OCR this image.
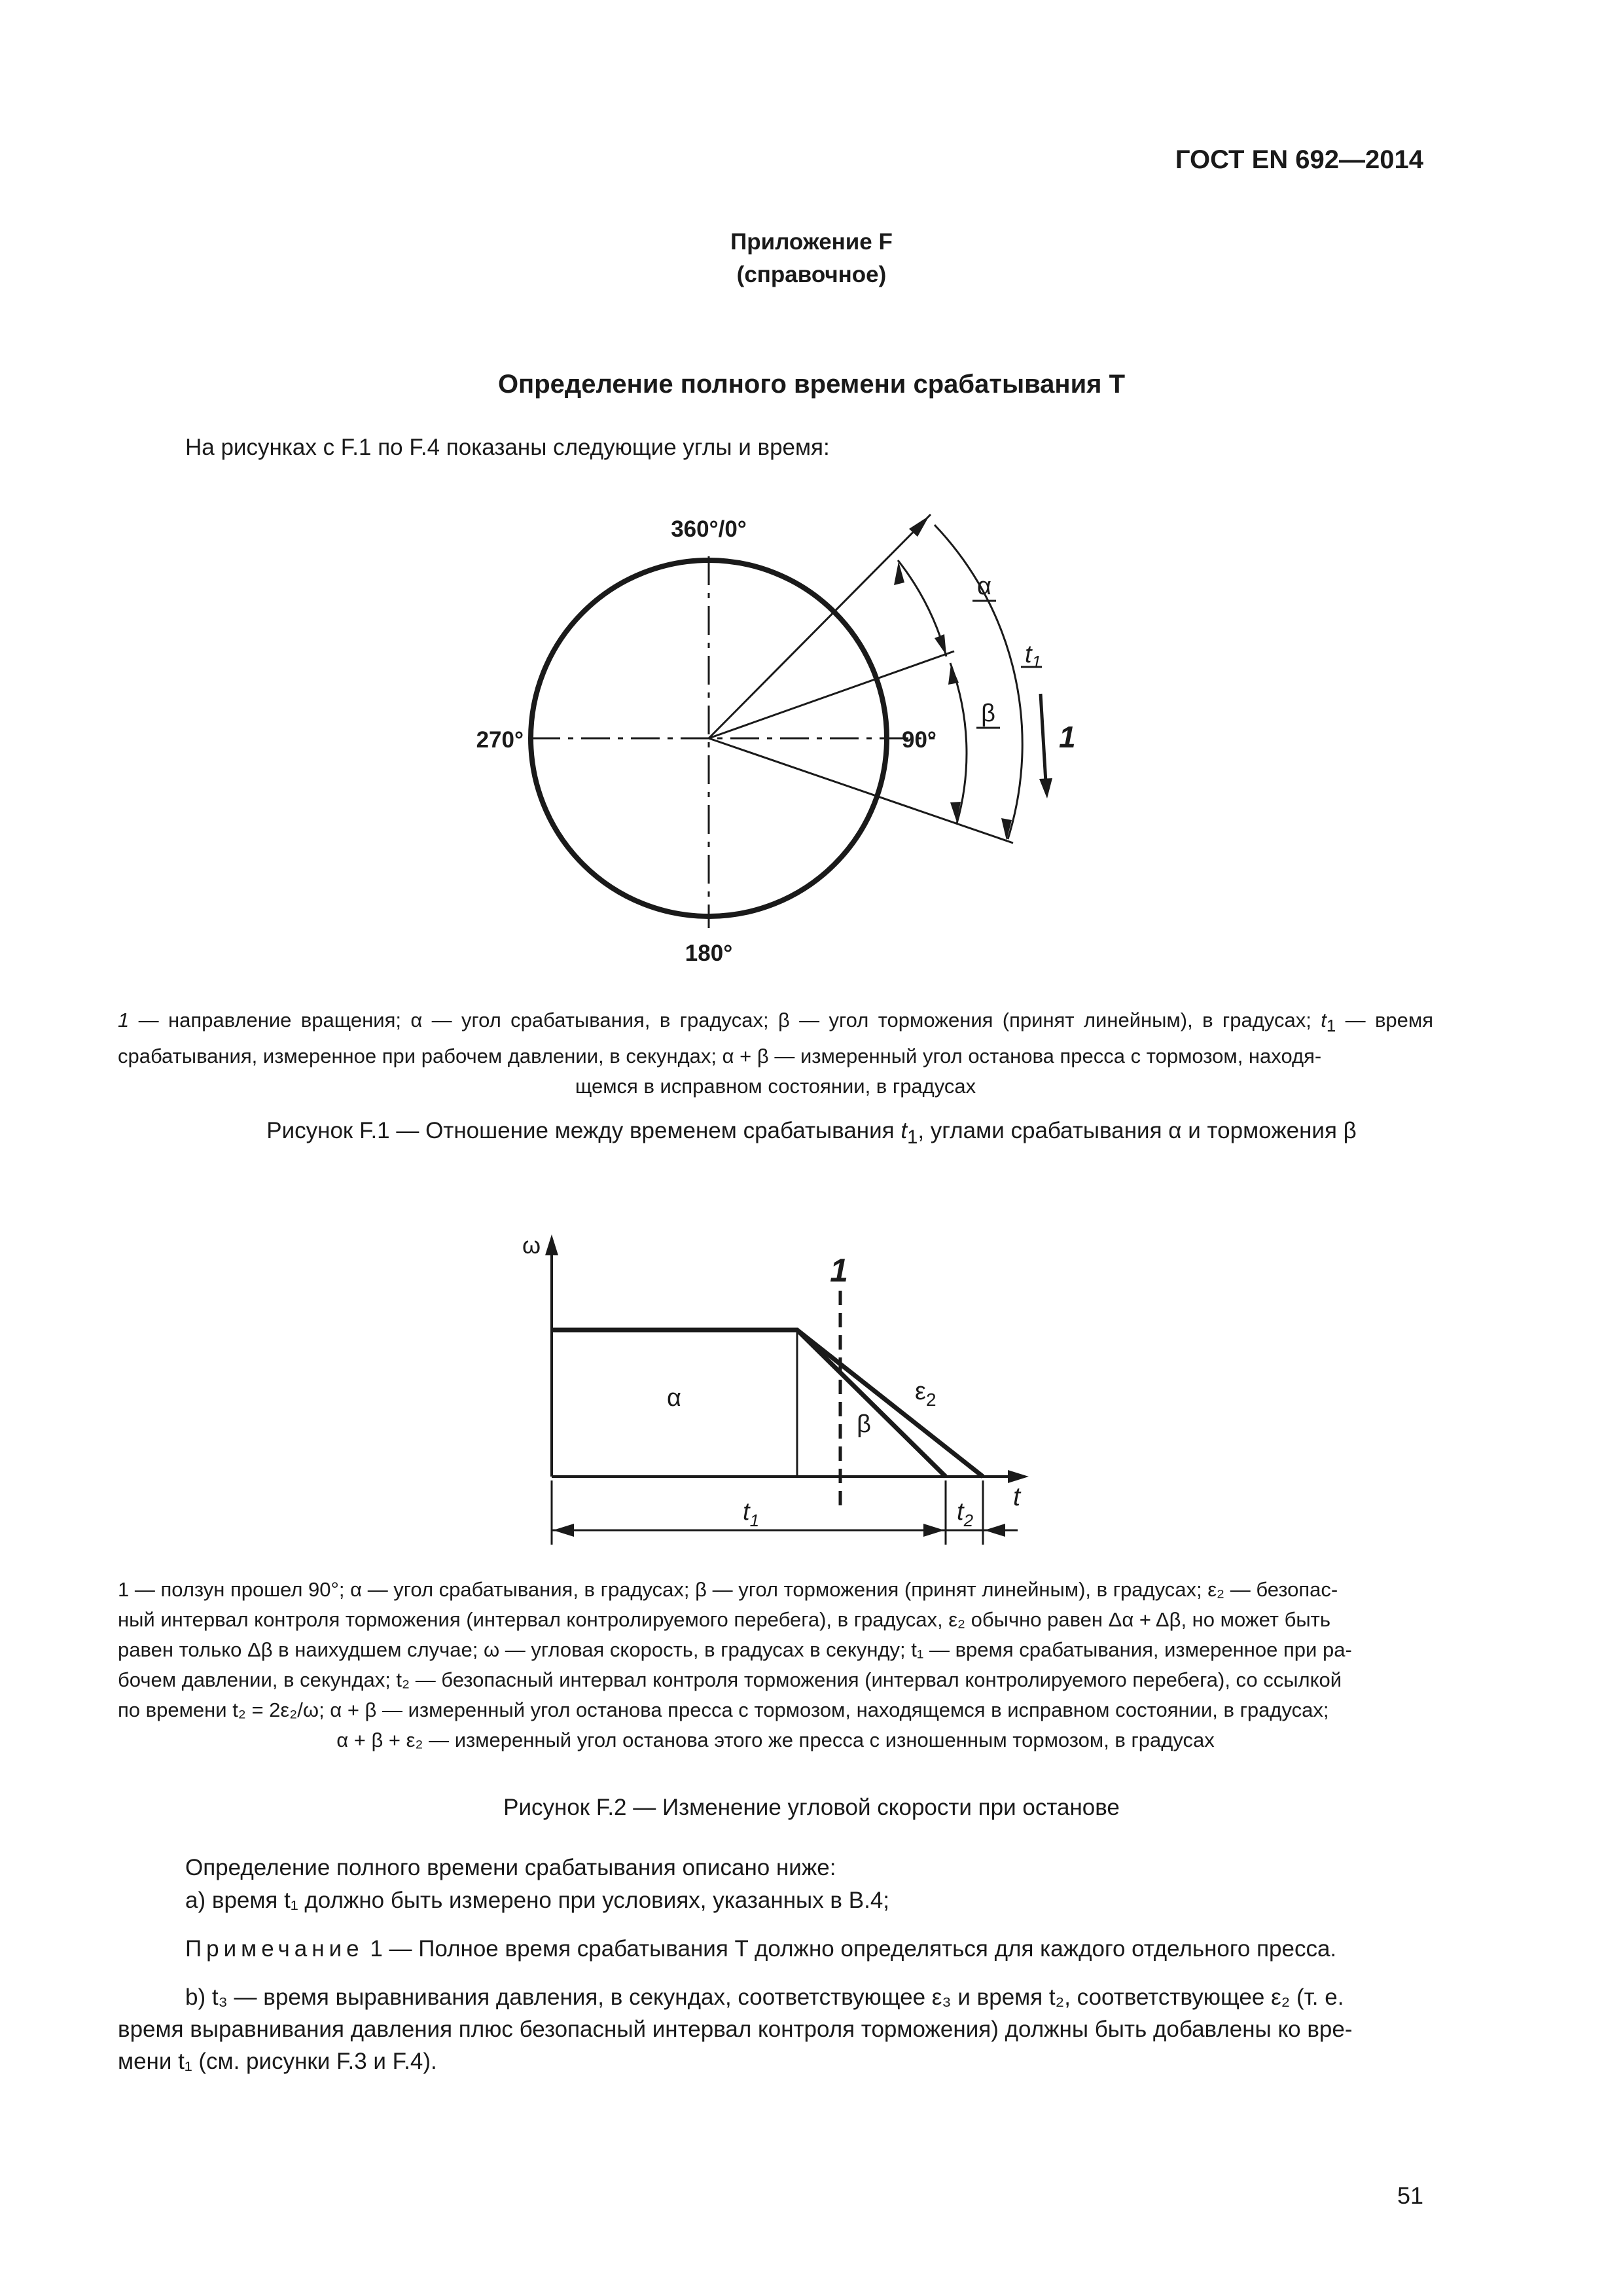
ГОСТ EN 692—2014
Приложение F
(справочное)
Определение полного времени срабатывания T
На рисунках с F.1 по F.4 показаны следующие углы и время:
360°/0°
270°	90°
180°
α
β
$t_1$
1
1 — направление вращения; α — угол срабатывания, в градусах; β — угол торможения (принят линейным), в градусах; $t_1$ — время срабатывания, измеренное при рабочем давлении, в секундах; α + β — измеренный угол останова пресса с тормозом, находя-
щемся в исправном состоянии, в градусах
Рисунок F.1 — Отношение между временем срабатывания $t_1$, углами срабатывания α и торможения β
ω
α
β
$\varepsilon_2$
1
t
$t_1$	$t_2$
1 — ползун прошел 90°; α — угол срабатывания, в градусах; β — угол торможения (принят линейным), в градусах; ε₂ — безопас-
ный интервал контроля торможения (интервал контролируемого перебега), в градусах, ε₂ обычно равен Δα + Δβ, но может быть
равен только Δβ в наихудшем случае; ω — угловая скорость, в градусах в секунду; t₁ — время срабатывания, измеренное при ра-
бочем давлении, в секундах; t₂ — безопасный интервал контроля торможения (интервал контролируемого перебега), со ссылкой
по времени t₂ = 2ε₂/ω; α + β — измеренный угол останова пресса с тормозом, находящемся в исправном состоянии, в градусах;
α + β + ε₂ — измеренный угол останова этого же пресса с изношенным тормозом, в градусах
Рисунок F.2 — Изменение угловой скорости при останове
Определение полного времени срабатывания описано ниже:
a) время t₁ должно быть измерено при условиях, указанных в B.4;
Примечание 1 — Полное время срабатывания T должно определяться для каждого отдельного пресса.
b) t₃ — время выравнивания давления, в секундах, соответствующее ε₃ и время t₂, соответствующее ε₂ (т. е.
время выравнивания давления плюс безопасный интервал контроля торможения) должны быть добавлены ко вре-
мени t₁ (см. рисунки F.3 и F.4).
51
